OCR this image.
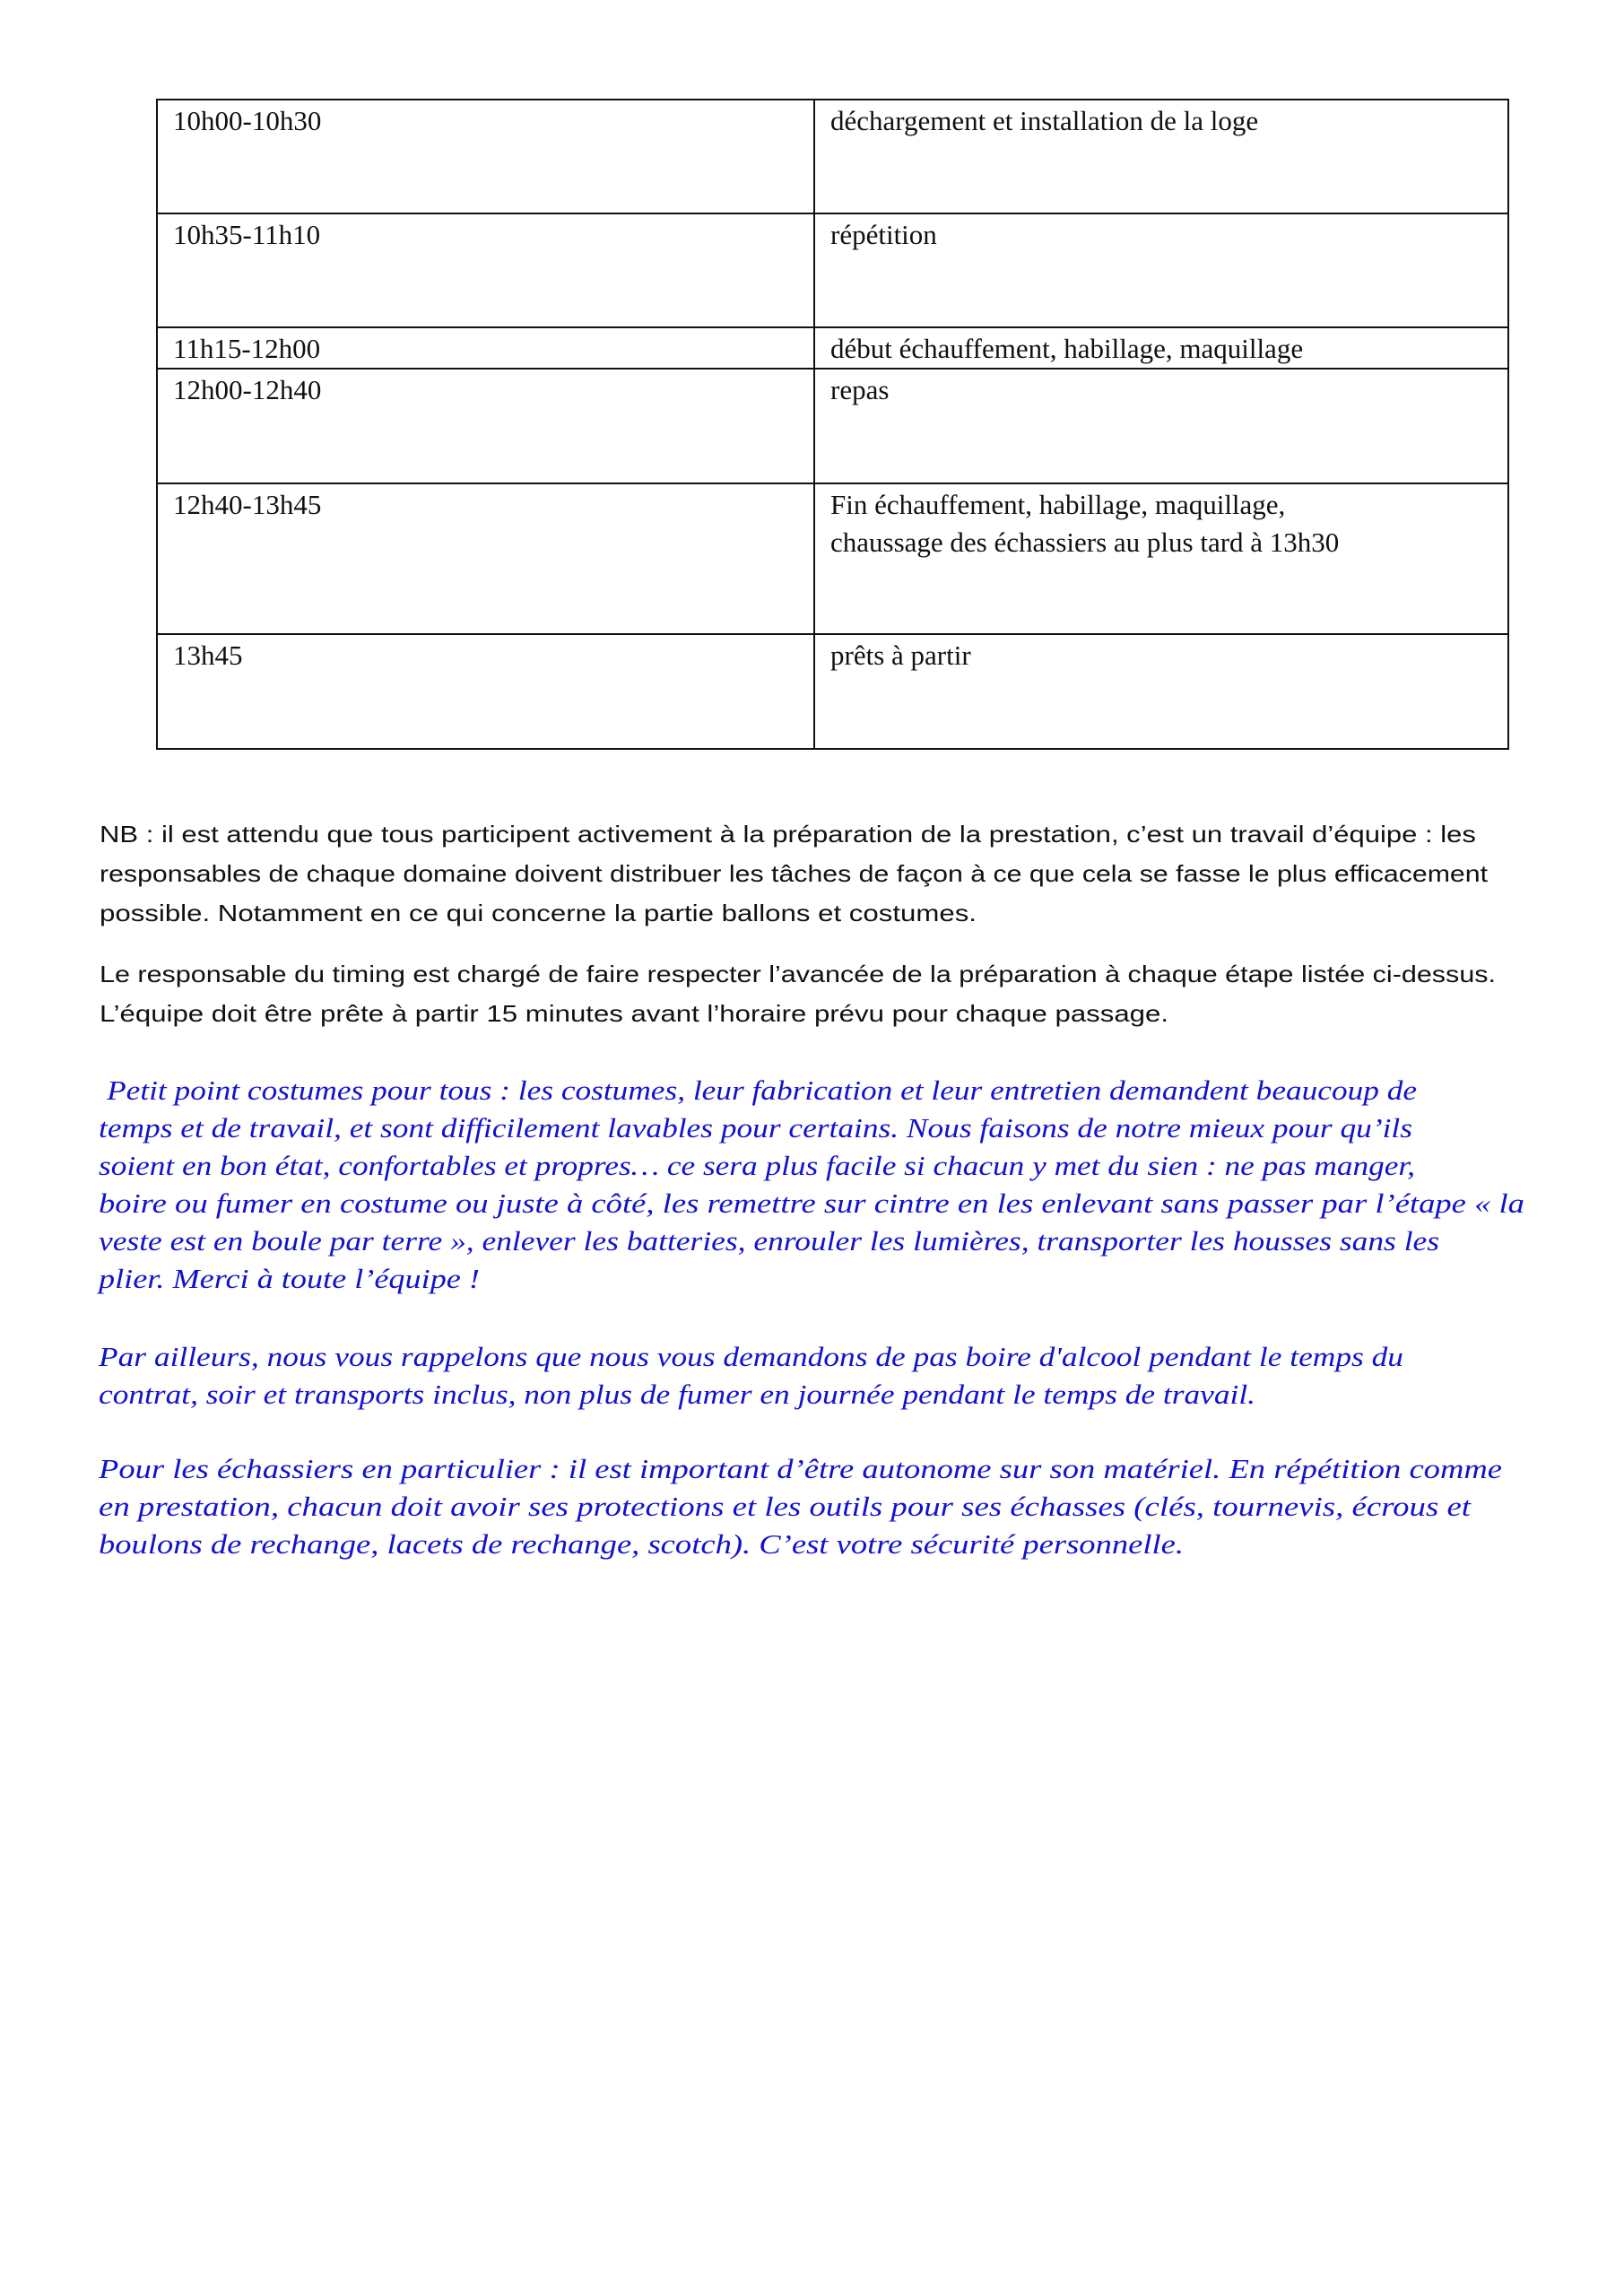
10h00-10h30	déchargement et installation de la loge

10h35-11h10	répétition

11h15-12h00	début échauffement, habillage, maquillage

12h00-12h40	repas

12h40-13h45	Fin échauffement, habillage, maquillage,
chaussage des échassiers au plus tard à 13h30

13h45	prêts à partir
NB : il est attendu que tous participent activement à la préparation de la prestation, c’est un travail d’équipe : les
responsables de chaque domaine doivent distribuer les tâches de façon à ce que cela se fasse le plus efficacement
possible. Notamment en ce qui concerne la partie ballons et costumes.
Le responsable du timing est chargé de faire respecter l’avancée de la préparation à chaque étape listée ci-dessus.
L’équipe doit être prête à partir 15 minutes avant l’horaire prévu pour chaque passage.
Petit point costumes pour tous : les costumes, leur fabrication et leur entretien demandent beaucoup de
temps et de travail, et sont difficilement lavables pour certains. Nous faisons de notre mieux pour qu’ils
soient en bon état, confortables et propres… ce sera plus facile si chacun y met du sien : ne pas manger,
boire ou fumer en costume ou juste à côté, les remettre sur cintre en les enlevant sans passer par l’étape « la
veste est en boule par terre », enlever les batteries, enrouler les lumières, transporter les housses sans les
plier. Merci à toute l’équipe !
Par ailleurs, nous vous rappelons que nous vous demandons de pas boire d'alcool pendant le temps du
contrat, soir et transports inclus, non plus de fumer en journée pendant le temps de travail.
Pour les échassiers en particulier : il est important d’être autonome sur son matériel. En répétition comme
en prestation, chacun doit avoir ses protections et les outils pour ses échasses (clés, tournevis, écrous et
boulons de rechange, lacets de rechange, scotch). C’est votre sécurité personnelle.
